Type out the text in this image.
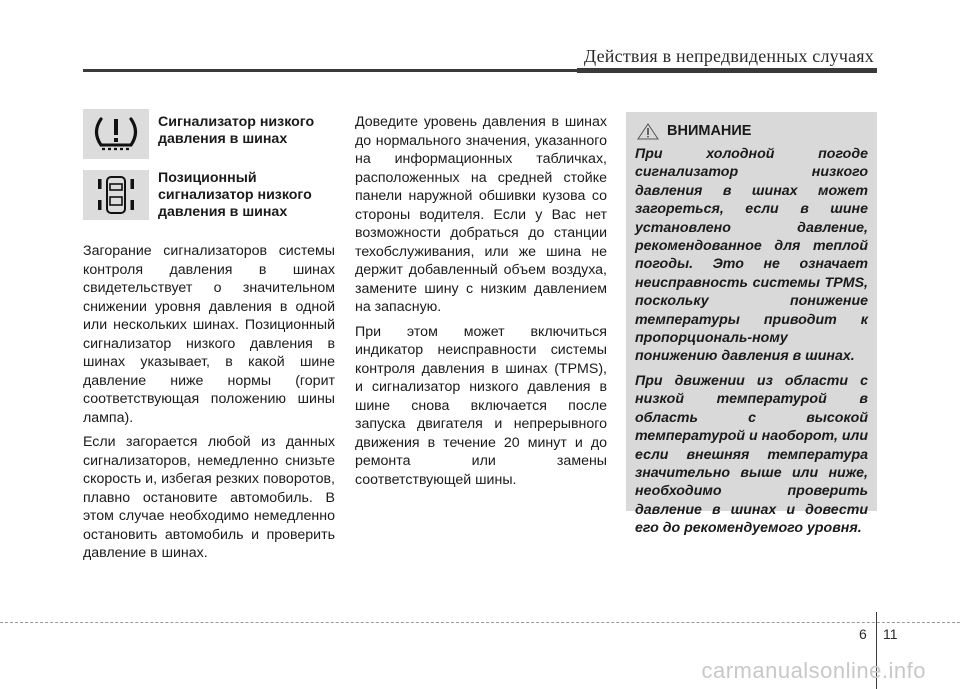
Действия в непредвиденных случаях
Сигнализатор низкого давления в шинах
Позиционный сигнализатор низкого давления в шинах

Загорание сигнализаторов системы контроля давления в шинах свидетельствует о значительном снижении уровня давления в одной или нескольких шинах. Позиционный сигнализатор низкого давления в шинах указывает, в какой шине давление ниже нормы (горит соответствующая положению шины лампа).

Если загорается любой из данных сигнализаторов, немедленно снизьте скорость и, избегая резких поворотов, плавно остановите автомобиль. В этом случае необходимо немедленно остановить автомобиль и проверить давление в шинах.

Доведите уровень давления в шинах до нормального значения, указанного на информационных табличках, расположенных на средней стойке панели наружной обшивки кузова со стороны водителя. Если у Вас нет возможности добраться до станции техобслуживания, или же шина не держит добавленный объем воздуха, замените шину с низким давлением на запасную.

При этом может включиться индикатор неисправности системы контроля давления в шинах (TPMS), и сигнализатор низкого давления в шине снова включается после запуска двигателя и непрерывного движения в течение 20 минут и до ремонта или замены соответствующей шины.

ВНИМАНИЕ

При холодной погоде сигнализатор низкого давления в шинах может загореться, если в шине установлено давление, рекомендованное для теплой погоды. Это не означает неисправность системы TPMS, поскольку понижение температуры приводит к пропорциональ-ному понижению давления в шинах.

При движении из области с низкой температурой в область с высокой температурой и наоборот, или если внешняя температура значительно выше или ниже, необходимо проверить давление в шинах и довести его до рекомендуемого уровня.

6 11
carmanualsonline.info
